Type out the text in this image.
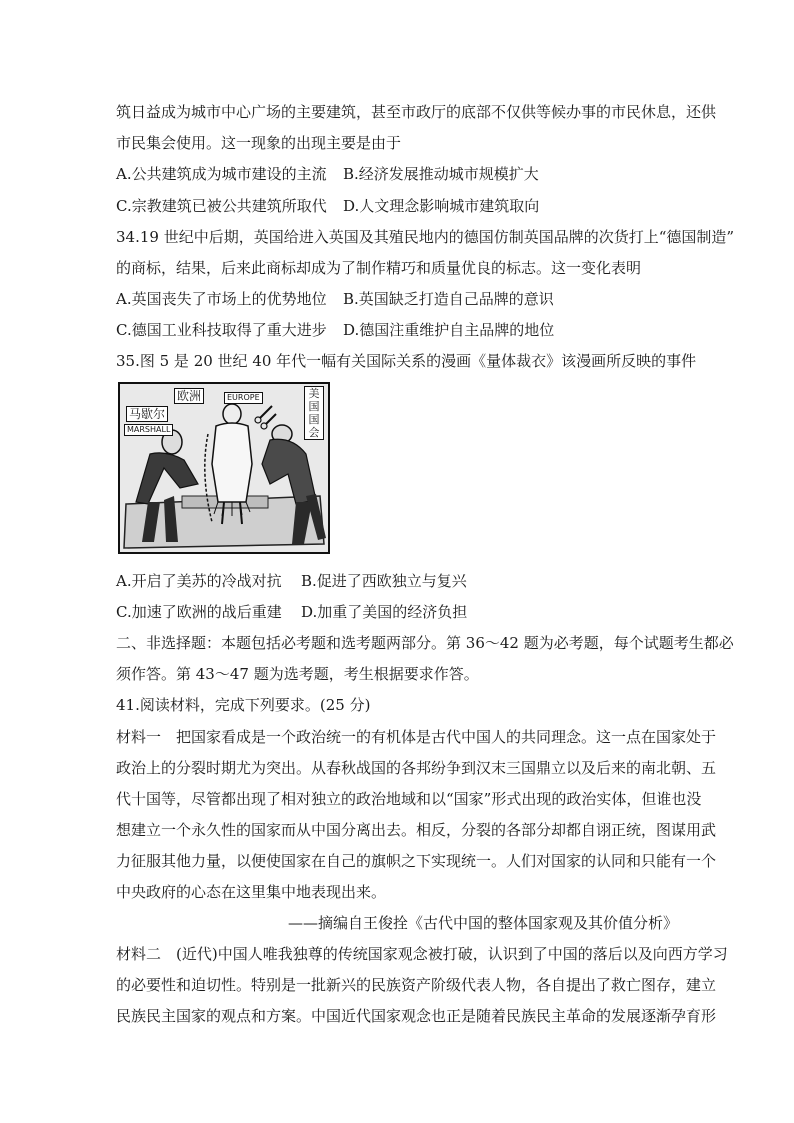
筑日益成为城市中心广场的主要建筑，甚至市政厅的底部不仅供等候办事的市民休息，还供
市民集会使用。这一现象的出现主要是由于
A.公共建筑成为城市建设的主流 B.经济发展推动城市规模扩大
C.宗教建筑已被公共建筑所取代 D.人文理念影响城市建筑取向
34.19 世纪中后期，英国给进入英国及其殖民地内的德国仿制英国品牌的次货打上“德国制造”
的商标，结果，后来此商标却成为了制作精巧和质量优良的标志。这一变化表明
A.英国丧失了市场上的优势地位 B.英国缺乏打造自己品牌的意识
C.德国工业科技取得了重大进步 D.德国注重维护自主品牌的地位
35.图 5 是 20 世纪 40 年代一幅有关国际关系的漫画《量体裁衣》该漫画所反映的事件
马歇尔
MARSHALL
欧洲	EUROPE	美国国会
A.开启了美苏的冷战对抗 B.促进了西欧独立与复兴
C.加速了欧洲的战后重建 D.加重了美国的经济负担
二、非选择题：本题包括必考题和选考题两部分。第 36～42 题为必考题，每个试题考生都必
须作答。第 43～47 题为选考题，考生根据要求作答。
41.阅读材料，完成下列要求。(25 分)
材料一　把国家看成是一个政治统一的有机体是古代中国人的共同理念。这一点在国家处于
政治上的分裂时期尤为突出。从春秋战国的各邦纷争到汉末三国鼎立以及后来的南北朝、五
代十国等，尽管都出现了相对独立的政治地域和以“国家”形式出现的政治实体，但谁也没
想建立一个永久性的国家而从中国分离出去。相反，分裂的各部分却都自诩正统，图谋用武
力征服其他力量，以便使国家在自己的旗帜之下实现统一。人们对国家的认同和只能有一个
中央政府的心态在这里集中地表现出来。
——摘编自王俊拴《古代中国的整体国家观及其价值分析》
材料二　(近代)中国人唯我独尊的传统国家观念被打破，认识到了中国的落后以及向西方学习
的必要性和迫切性。特别是一批新兴的民族资产阶级代表人物，各自提出了救亡图存，建立
民族民主国家的观点和方案。中国近代国家观念也正是随着民族民主革命的发展逐渐孕育形
